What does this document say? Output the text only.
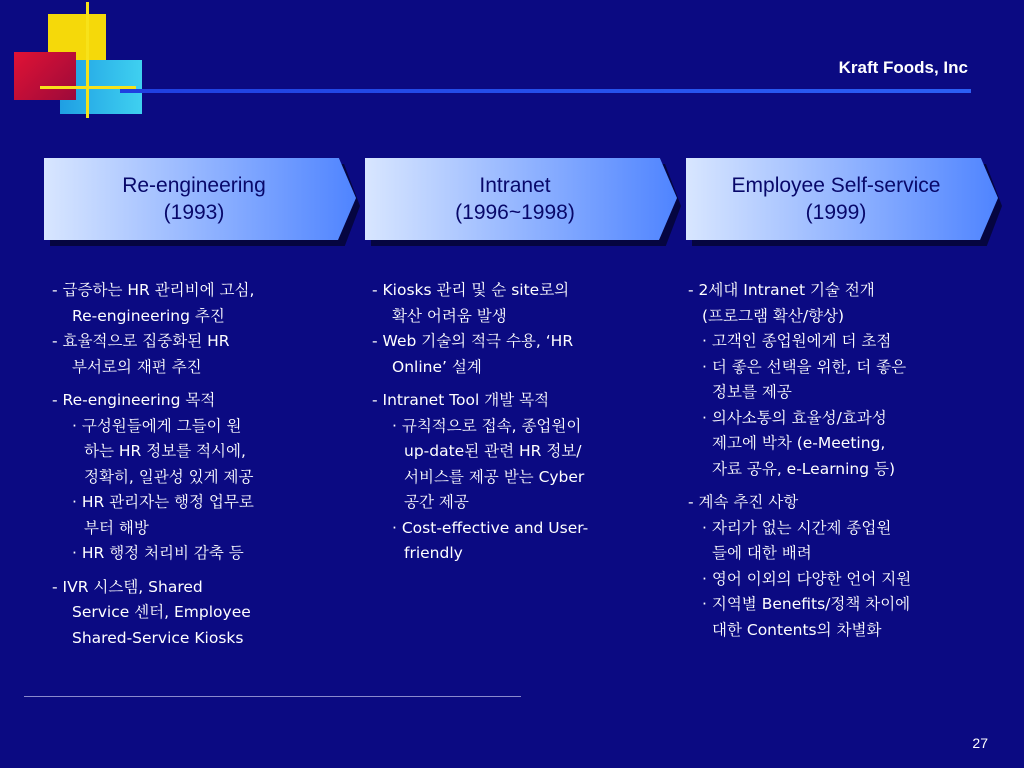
Kraft Foods, Inc
Re-engineering
(1993)
Intranet
(1996~1998)
Employee Self-service
(1999)
- 급증하는 HR 관리비에 고심,
Re-engineering 추진
- 효율적으로 집중화된 HR
부서로의 재편 추진
- Re-engineering 목적
· 구성원들에게 그들이 원
하는 HR 정보를 적시에,
정확히, 일관성 있게 제공
· HR 관리자는 행정 업무로
부터 해방
· HR 행정 처리비 감축 등
- IVR 시스템, Shared
Service 센터, Employee
Shared-Service Kiosks
- Kiosks 관리 및 순 site로의
확산 어려움 발생
- Web 기술의 적극 수용, ‘HR
Online’ 설계
- Intranet Tool 개발 목적
· 규칙적으로 접속, 종업원이
up-date된 관련 HR 정보/
서비스를 제공 받는 Cyber
공간 제공
· Cost-effective and User-
friendly
- 2세대 Intranet 기술 전개
(프로그램 확산/향상)
· 고객인 종업원에게 더 초점
· 더 좋은 선택을 위한, 더 좋은
정보를 제공
· 의사소통의 효율성/효과성
제고에 박차 (e-Meeting,
자료 공유, e-Learning 등)
- 계속 추진 사항
· 자리가 없는 시간제 종업원
들에 대한 배려
· 영어 이외의 다양한 언어 지원
· 지역별 Benefits/정책 차이에
대한 Contents의 차별화
27
